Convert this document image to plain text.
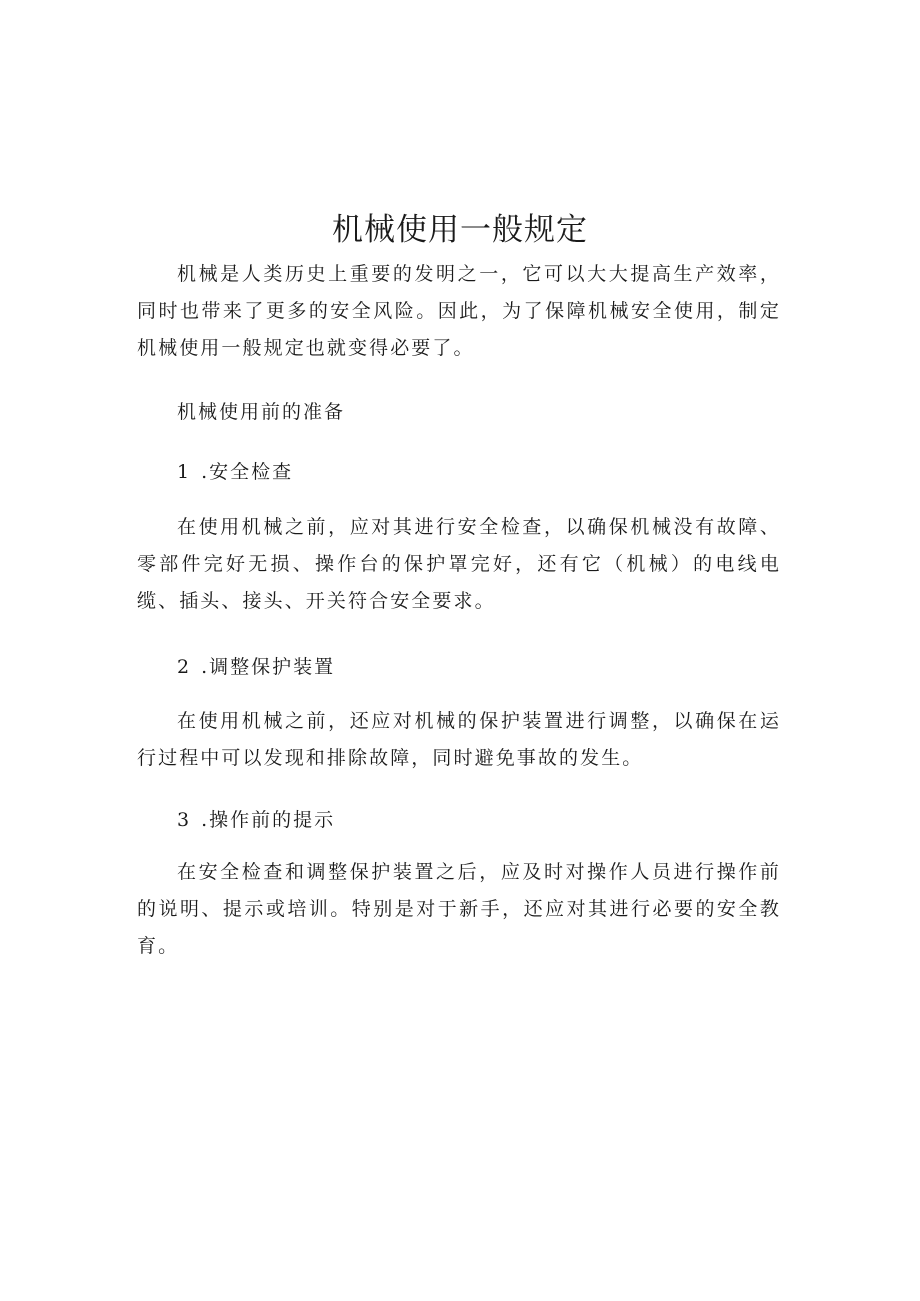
机械使用一般规定

机械是人类历史上重要的发明之一，它可以大大提高生产效率，同时也带来了更多的安全风险。因此，为了保障机械安全使用，制定机械使用一般规定也就变得必要了。

机械使用前的准备

1 .安全检查

在使用机械之前，应对其进行安全检查，以确保机械没有故障、零部件完好无损、操作台的保护罩完好，还有它（机械）的电线电缆、插头、接头、开关符合安全要求。

2 .调整保护装置

在使用机械之前，还应对机械的保护装置进行调整，以确保在运行过程中可以发现和排除故障，同时避免事故的发生。

3 .操作前的提示

在安全检查和调整保护装置之后，应及时对操作人员进行操作前的说明、提示或培训。特别是对于新手，还应对其进行必要的安全教育。
